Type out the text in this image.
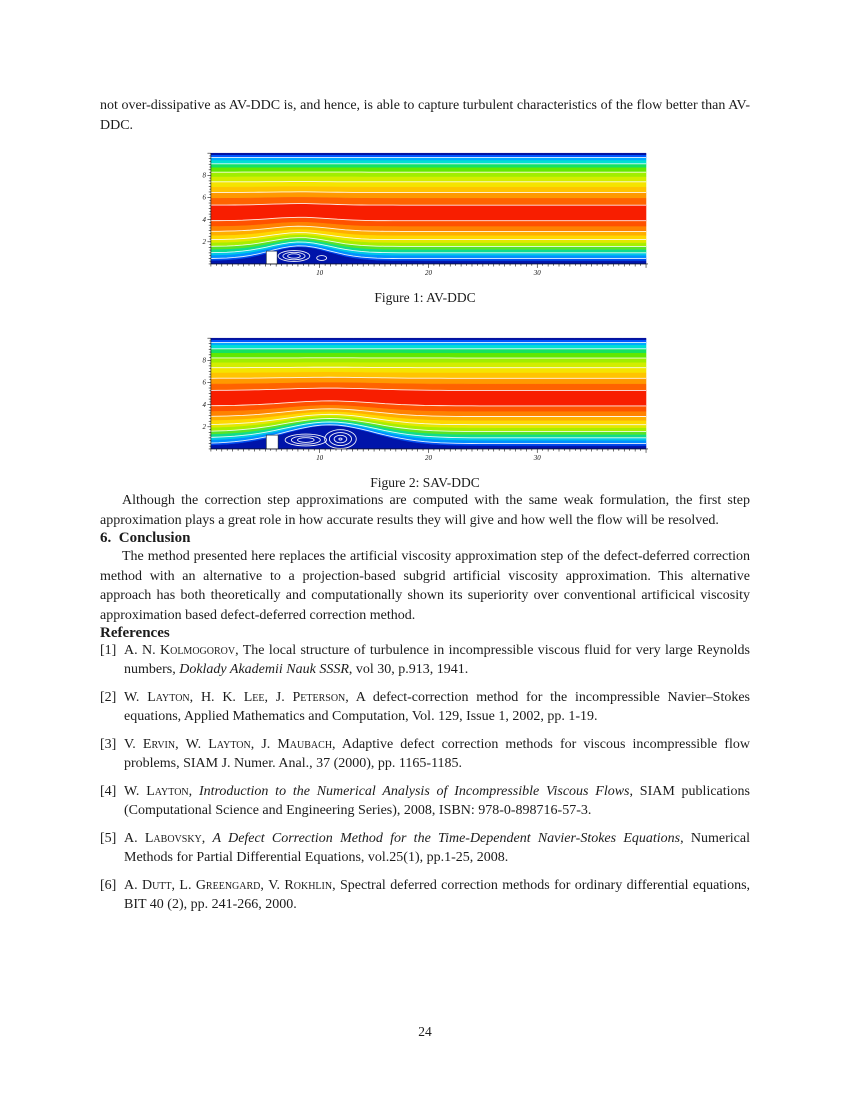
not over-dissipative as AV-DDC is, and hence, is able to capture turbulent characteristics of the flow better than AV-DDC.

10	20	30
2
4
6
8

Figure 1: AV-DDC

10	20	30
2
4
6
8

Figure 2: SAV-DDC

Although the correction step approximations are computed with the same weak formulation, the first step approximation plays a great role in how accurate results they will give and how well the flow will be resolved.

6. Conclusion

The method presented here replaces the artificial viscosity approximation step of the defect-deferred correction method with an alternative to a projection-based subgrid artificial viscosity approximation. This alternative approach has both theoretically and computationally shown its superiority over conventional artificical viscosity approximation based defect-deferred correction method.

References
[1] A. N. Kolmogorov, The local structure of turbulence in incompressible viscous fluid for very large Reynolds numbers, Doklady Akademii Nauk SSSR, vol 30, p.913, 1941.
[2] W. Layton, H. K. Lee, J. Peterson, A defect-correction method for the incompressible Navier–Stokes equations, Applied Mathematics and Computation, Vol. 129, Issue 1, 2002, pp. 1-19.
[3] V. Ervin, W. Layton, J. Maubach, Adaptive defect correction methods for viscous incompressible flow problems, SIAM J. Numer. Anal., 37 (2000), pp. 1165-1185.
[4] W. Layton, Introduction to the Numerical Analysis of Incompressible Viscous Flows, SIAM publications (Computational Science and Engineering Series), 2008, ISBN: 978-0-898716-57-3.
[5] A. Labovsky, A Defect Correction Method for the Time-Dependent Navier-Stokes Equations, Numerical Methods for Partial Differential Equations, vol.25(1), pp.1-25, 2008.
[6] A. Dutt, L. Greengard, V. Rokhlin, Spectral deferred correction methods for ordinary differential equations, BIT 40 (2), pp. 241-266, 2000.
24
